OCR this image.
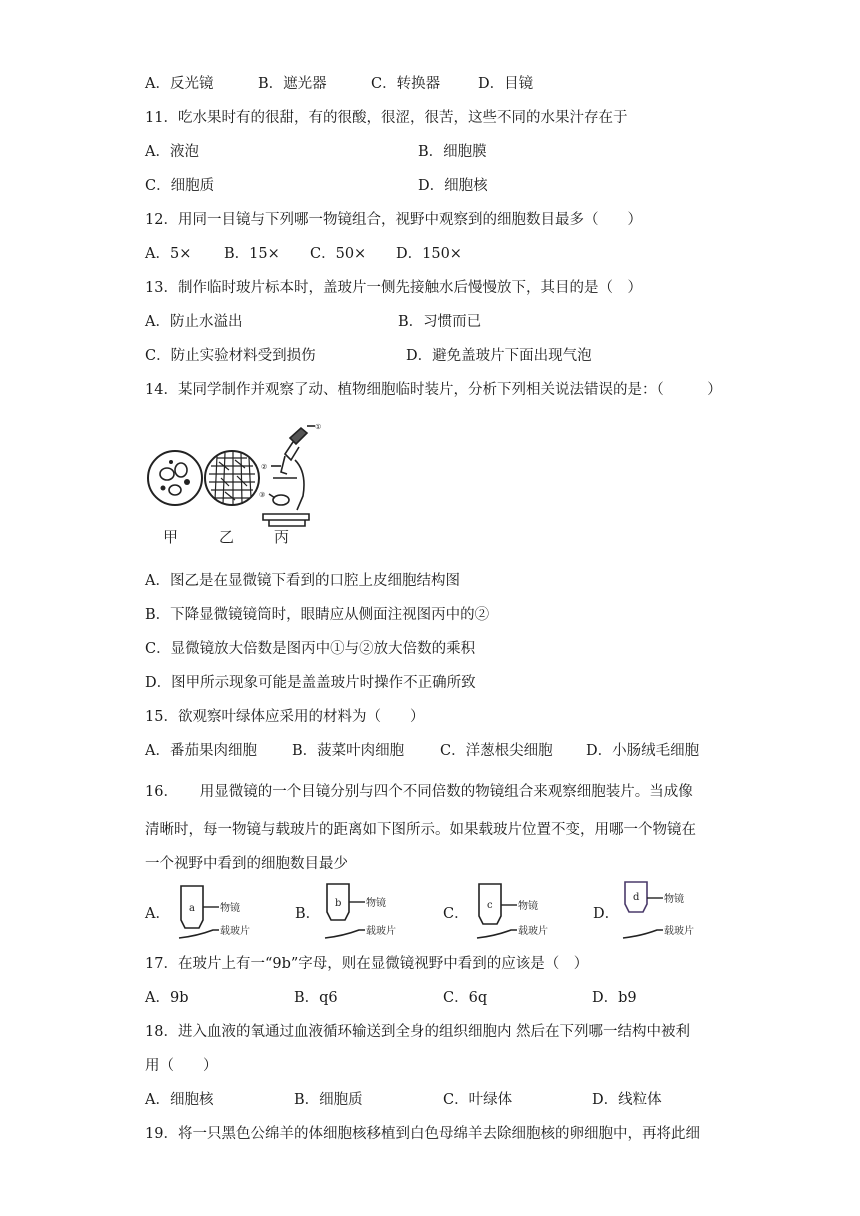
A．反光镜	B．遮光器	C．转换器	D．目镜
11．吃水果时有的很甜，有的很酸，很涩，很苦，这些不同的水果汁存在于
A．液泡	B．细胞膜
C．细胞质	D．细胞核
12．用同一目镜与下列哪一物镜组合，视野中观察到的细胞数目最多（　　）
A．5× B．15× C．50× D．150×
13．制作临时玻片标本时，盖玻片一侧先接触水后慢慢放下，其目的是（　）
A．防止水溢出	B．习惯而已
C．防止实验材料受到损伤	D．避免盖玻片下面出现气泡
14．某同学制作并观察了动、植物细胞临时装片，分析下列相关说法错误的是：（　　　）
①
②
③
甲	乙	丙
A．图乙是在显微镜下看到的口腔上皮细胞结构图
B．下降显微镜镜筒时，眼睛应从侧面注视图丙中的②
C．显微镜放大倍数是图丙中①与②放大倍数的乘积
D．图甲所示现象可能是盖盖玻片时操作不正确所致
15．欲观察叶绿体应采用的材料为（　　）
A．番茄果肉细胞 B．菠菜叶肉细胞 C．洋葱根尖细胞 D．小肠绒毛细胞
16．　　用显微镜的一个目镜分别与四个不同倍数的物镜组合来观察细胞装片。当成像
清晰时，每一物镜与载玻片的距离如下图所示。如果载玻片位置不变，用哪一个物镜在
一个视野中看到的细胞数目最少
A． a	物镜
载玻片
B．
b 物镜
载玻片
C．
c	物镜
载玻片
D．
d 物镜
载玻片
17．在玻片上有一“9b”字母，则在显微镜视野中看到的应该是（　）
A．9b	B．q6	C．6q	D．b9
18．进入血液的氧通过血液循环输送到全身的组织细胞内 然后在下列哪一结构中被利
用（　　）
A．细胞核	B．细胞质	C．叶绿体	D．线粒体
19．将一只黑色公绵羊的体细胞核移植到白色母绵羊去除细胞核的卵细胞中，再将此细
